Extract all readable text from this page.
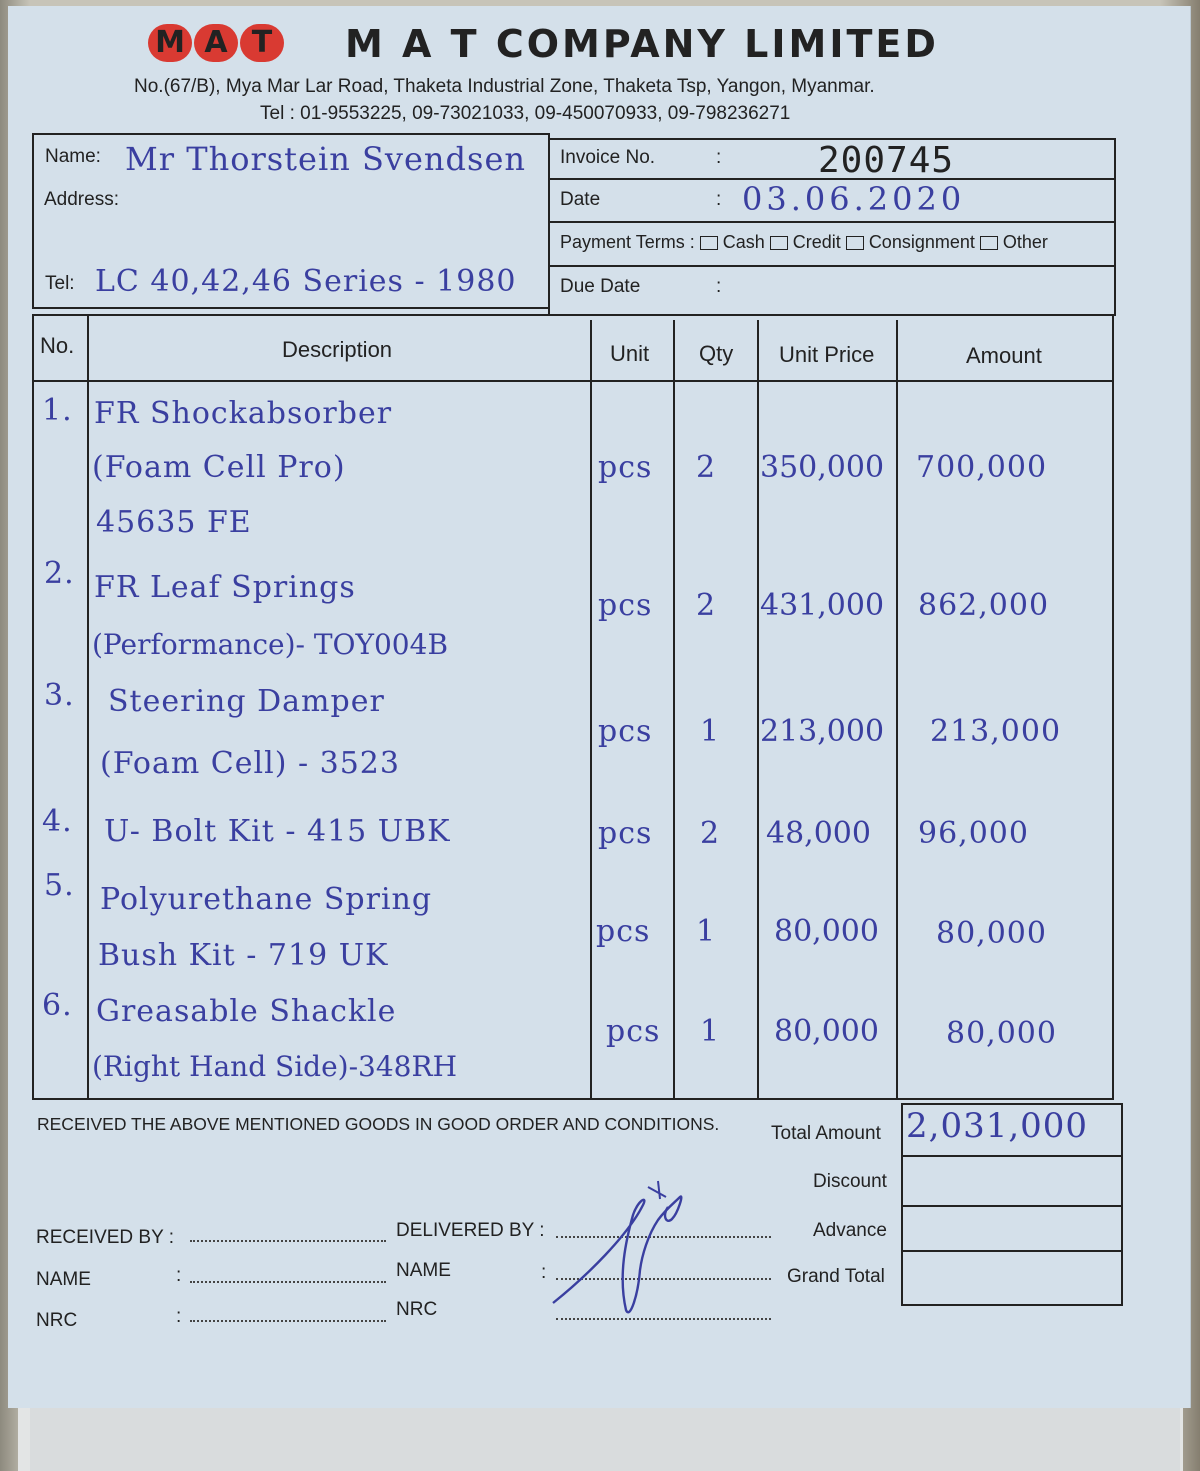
M A T	M A T COMPANY LIMITED
No.(67/B), Mya Mar Lar Road, Thaketa Industrial Zone, Thaketa Tsp, Yangon, Myanmar.
Tel : 01-9553225, 09-73021033, 09-450070933, 09-798236271
Name: Mr Thorstein Svendsen
Address:
Tel: LC 40,42,46 Series - 1980
Invoice No.	:	200745
Date	: 03.06.2020
Payment Terms : Cash Credit Consignment Other
Due Date	:
No.	Description	Unit Qty Unit Price	Amount
1. FR Shockabsorber
(Foam Cell Pro)
45635 FE
pcs 2 350,000 700,000
2. FR Leaf Springs
(Performance)- TOY004B
pcs 2 431,000 862,000
3. Steering Damper
(Foam Cell) - 3523
pcs 1 213,000 213,000
4. U- Bolt Kit - 415 UBK	pcs 2 48,000 96,000
5. Polyurethane Spring
Bush Kit - 719 UK
pcs 1 80,000 80,000
6. Greasable Shackle
(Right Hand Side)-348RH
pcs 1 80,000 80,000
RECEIVED THE ABOVE MENTIONED GOODS IN GOOD ORDER AND CONDITIONS.	Total Amount 2,031,000
Discount
Advance
Grand Total
RECEIVED BY :
NAME	:
NRC	:
DELIVERED BY :
NAME	:
NRC
